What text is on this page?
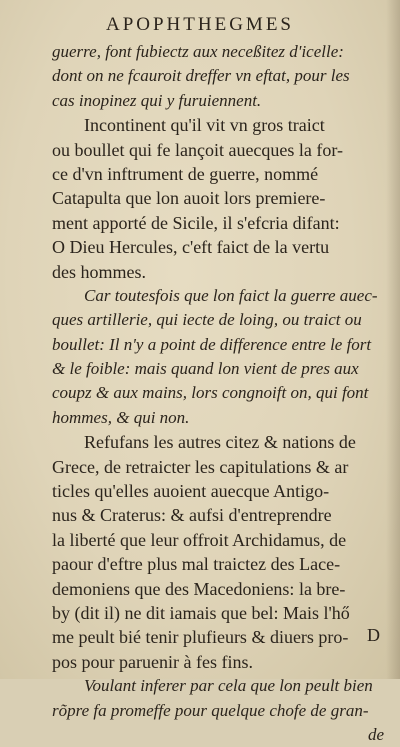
APOPHTHEGMES
guerre, font fubiectz aux neceßitez d'icelle:
dont on ne fcauroit dreffer vn eftat, pour les
cas inopinez qui y furuiennent.
Incontinent qu'il vit vn gros traict
ou boullet qui fe lançoit auecques la for-
ce d'vn inftrument de guerre, nommé
Catapulta que lon auoit lors premiere-
ment apporté de Sicile, il s'efcria difant:
O Dieu Hercules, c'eft faict de la vertu
des hommes.
Car toutesfois que lon faict la guerre auec-
ques artillerie, qui iecte de loing, ou traict ou
boullet: Il n'y a point de difference entre le fort
& le foible: mais quand lon vient de pres aux
coupz & aux mains, lors congnoift on, qui font
hommes, & qui non.
Refufans les autres citez & nations de
Grece, de retraicter les capitulations & ar
ticles qu'elles auoient auecque Antigo-
nus & Craterus: & aufsi d'entreprendre
la liberté que leur offroit Archidamus, de
paour d'eftre plus mal traictez des Lace-
demoniens que des Macedoniens: la bre-
by (dit il) ne dit iamais que bel: Mais l'hő
me peult bié tenir plufieurs & diuers pro-
pos pour paruenir à fes fins.
Voulant inferer par cela que lon peult bien
rõpre fa promeffe pour quelque chofe de gran-
de
D
